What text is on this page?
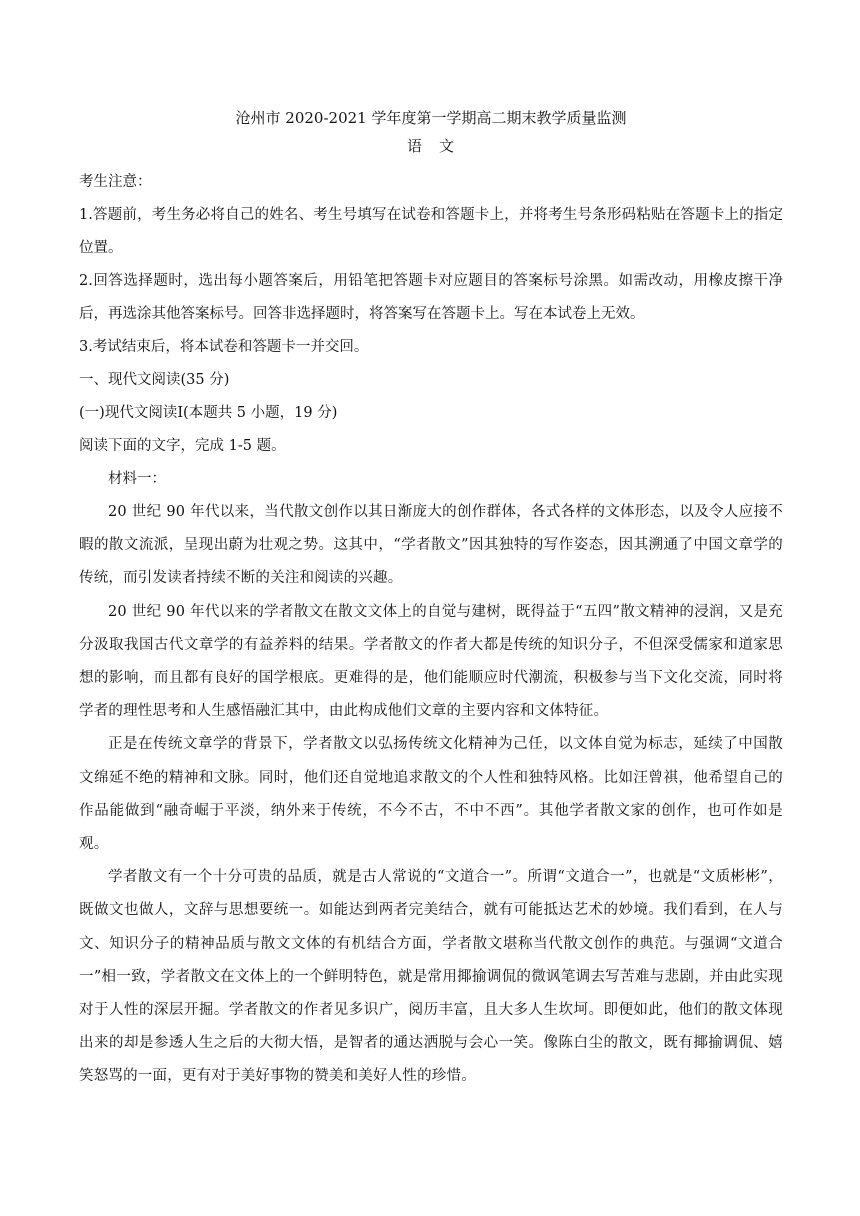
沧州市 2020-2021 学年度第一学期高二期末教学质量监测

语　文

考生注意：

1.答题前，考生务必将自己的姓名、考生号填写在试卷和答题卡上，并将考生号条形码粘贴在答题卡上的指定位置。

2.回答选择题时，选出每小题答案后，用铅笔把答题卡对应题目的答案标号涂黑。如需改动，用橡皮擦干净后，再选涂其他答案标号。回答非选择题时，将答案写在答题卡上。写在本试卷上无效。

3.考试结束后，将本试卷和答题卡一并交回。

一、现代文阅读(35 分)

(一)现代文阅读Ⅰ(本题共 5 小题，19 分)

阅读下面的文字，完成 1-5 题。

材料一：

20 世纪 90 年代以来，当代散文创作以其日渐庞大的创作群体，各式各样的文体形态，以及令人应接不暇的散文流派，呈现出蔚为壮观之势。这其中，“学者散文”因其独特的写作姿态，因其溯通了中国文章学的传统，而引发读者持续不断的关注和阅读的兴趣。

20 世纪 90 年代以来的学者散文在散文文体上的自觉与建树，既得益于“五四”散文精神的浸润，又是充分汲取我国古代文章学的有益养料的结果。学者散文的作者大都是传统的知识分子，不但深受儒家和道家思想的影响，而且都有良好的国学根底。更难得的是，他们能顺应时代潮流，积极参与当下文化交流，同时将学者的理性思考和人生感悟融汇其中，由此构成他们文章的主要内容和文体特征。

正是在传统文章学的背景下，学者散文以弘扬传统文化精神为己任，以文体自觉为标志，延续了中国散文绵延不绝的精神和文脉。同时，他们还自觉地追求散文的个人性和独特风格。比如汪曾祺，他希望自己的作品能做到“融奇崛于平淡，纳外来于传统，不今不古，不中不西”。其他学者散文家的创作，也可作如是观。

学者散文有一个十分可贵的品质，就是古人常说的“文道合一”。所谓“文道合一”，也就是“文质彬彬”，既做文也做人，文辞与思想要统一。如能达到两者完美结合，就有可能抵达艺术的妙境。我们看到，在人与文、知识分子的精神品质与散文文体的有机结合方面，学者散文堪称当代散文创作的典范。与强调“文道合一”相一致，学者散文在文体上的一个鲜明特色，就是常用揶揄调侃的微讽笔调去写苦难与悲剧，并由此实现对于人性的深层开掘。学者散文的作者见多识广，阅历丰富，且大多人生坎坷。即便如此，他们的散文体现出来的却是参透人生之后的大彻大悟，是智者的通达洒脱与会心一笑。像陈白尘的散文，既有揶揄调侃、嬉笑怒骂的一面，更有对于美好事物的赞美和美好人性的珍惜。
